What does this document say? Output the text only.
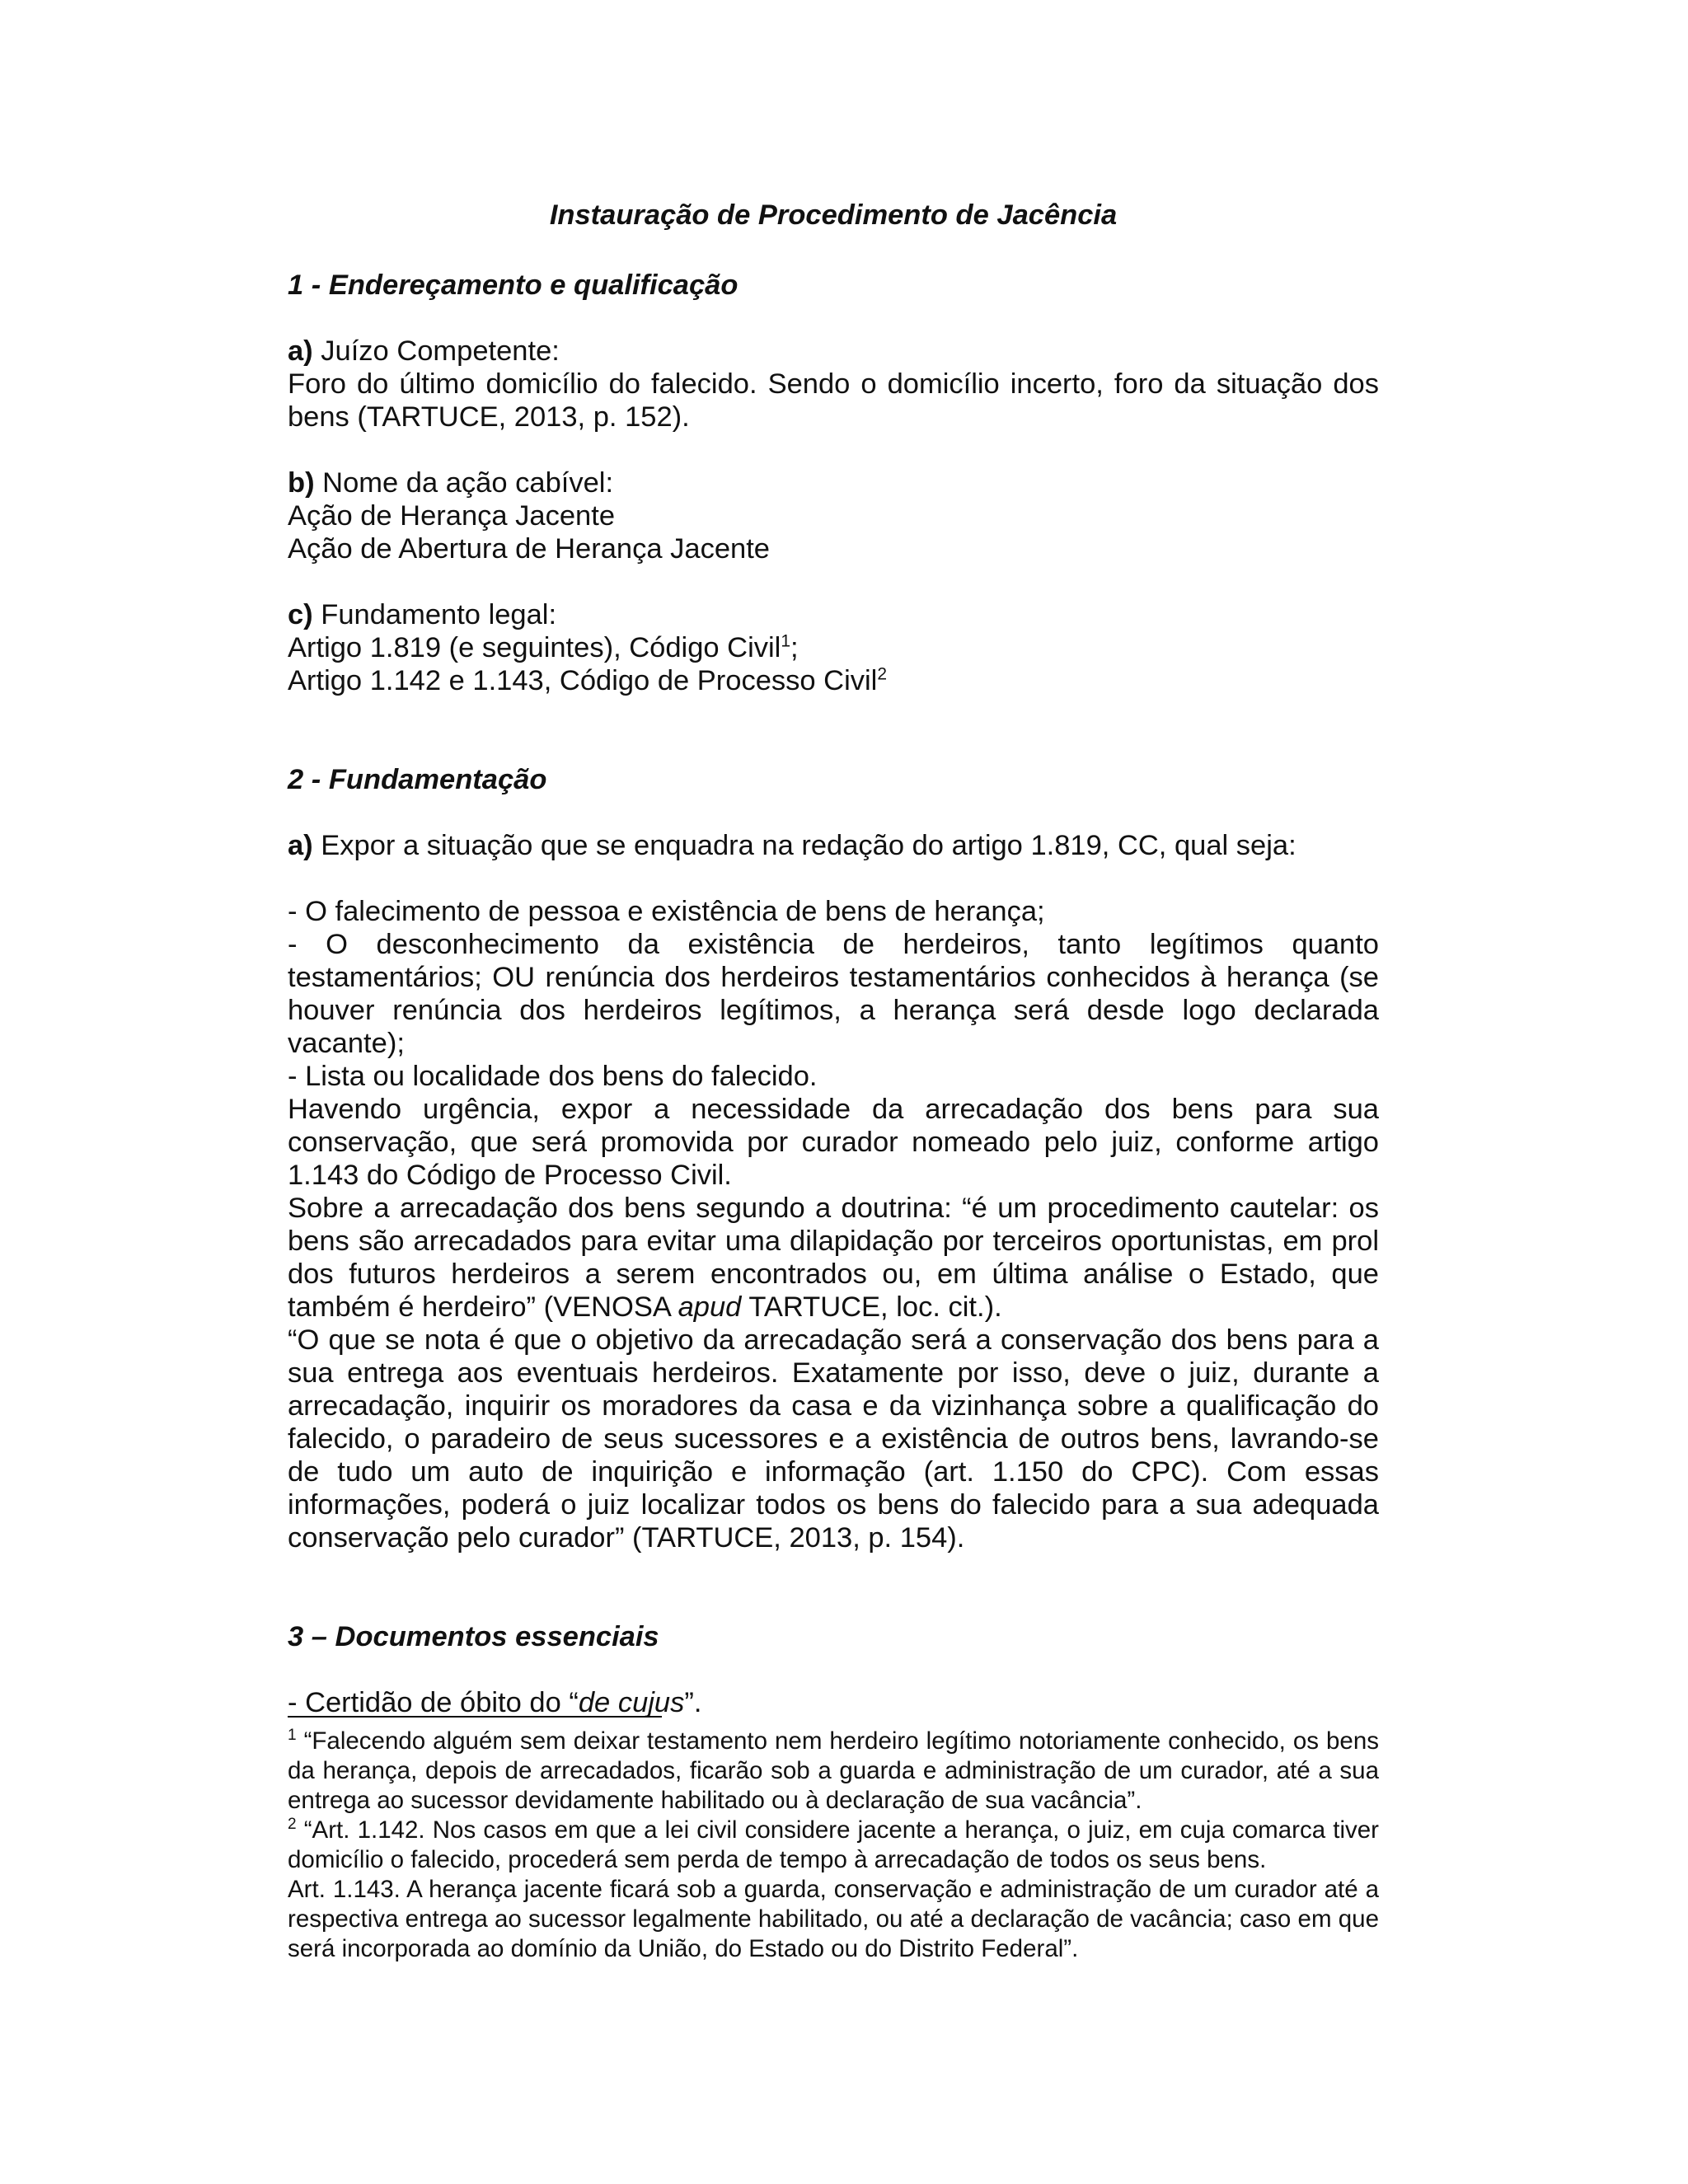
Instauração de Procedimento de Jacência

1 - Endereçamento e qualificação

a) Juízo Competente:

Foro do último domicílio do falecido. Sendo o domicílio incerto, foro da situação dos bens (TARTUCE, 2013, p. 152).

b) Nome da ação cabível:

Ação de Herança Jacente

Ação de Abertura de Herança Jacente

c) Fundamento legal:

Artigo 1.819 (e seguintes), Código Civil$^1$;

Artigo 1.142 e 1.143, Código de Processo Civil$^2$

2 - Fundamentação

a) Expor a situação que se enquadra na redação do artigo 1.819, CC, qual seja:

- O falecimento de pessoa e existência de bens de herança;

- O desconhecimento da existência de herdeiros, tanto legítimos quanto testamentários; OU renúncia dos herdeiros testamentários conhecidos à herança (se houver renúncia dos herdeiros legítimos, a herança será desde logo declarada vacante);

- Lista ou localidade dos bens do falecido.

Havendo urgência, expor a necessidade da arrecadação dos bens para sua conservação, que será promovida por curador nomeado pelo juiz, conforme artigo 1.143 do Código de Processo Civil.

Sobre a arrecadação dos bens segundo a doutrina: “é um procedimento cautelar: os bens são arrecadados para evitar uma dilapidação por terceiros oportunistas, em prol dos futuros herdeiros a serem encontrados ou, em última análise o Estado, que também é herdeiro” (VENOSA apud TARTUCE, loc. cit.).

“O que se nota é que o objetivo da arrecadação será a conservação dos bens para a sua entrega aos eventuais herdeiros. Exatamente por isso, deve o juiz, durante a arrecadação, inquirir os moradores da casa e da vizinhança sobre a qualificação do falecido, o paradeiro de seus sucessores e a existência de outros bens, lavrando-se de tudo um auto de inquirição e informação (art. 1.150 do CPC). Com essas informações, poderá o juiz localizar todos os bens do falecido para a sua adequada conservação pelo curador” (TARTUCE, 2013, p. 154).

3 – Documentos essenciais

- Certidão de óbito do “de cujus”.

$^1$ “Falecendo alguém sem deixar testamento nem herdeiro legítimo notoriamente conhecido, os bens da herança, depois de arrecadados, ficarão sob a guarda e administração de um curador, até a sua entrega ao sucessor devidamente habilitado ou à declaração de sua vacância”.

$^2$ “Art. 1.142. Nos casos em que a lei civil considere jacente a herança, o juiz, em cuja comarca tiver domicílio o falecido, procederá sem perda de tempo à arrecadação de todos os seus bens.

Art. 1.143. A herança jacente ficará sob a guarda, conservação e administração de um curador até a respectiva entrega ao sucessor legalmente habilitado, ou até a declaração de vacância; caso em que será incorporada ao domínio da União, do Estado ou do Distrito Federal”.
